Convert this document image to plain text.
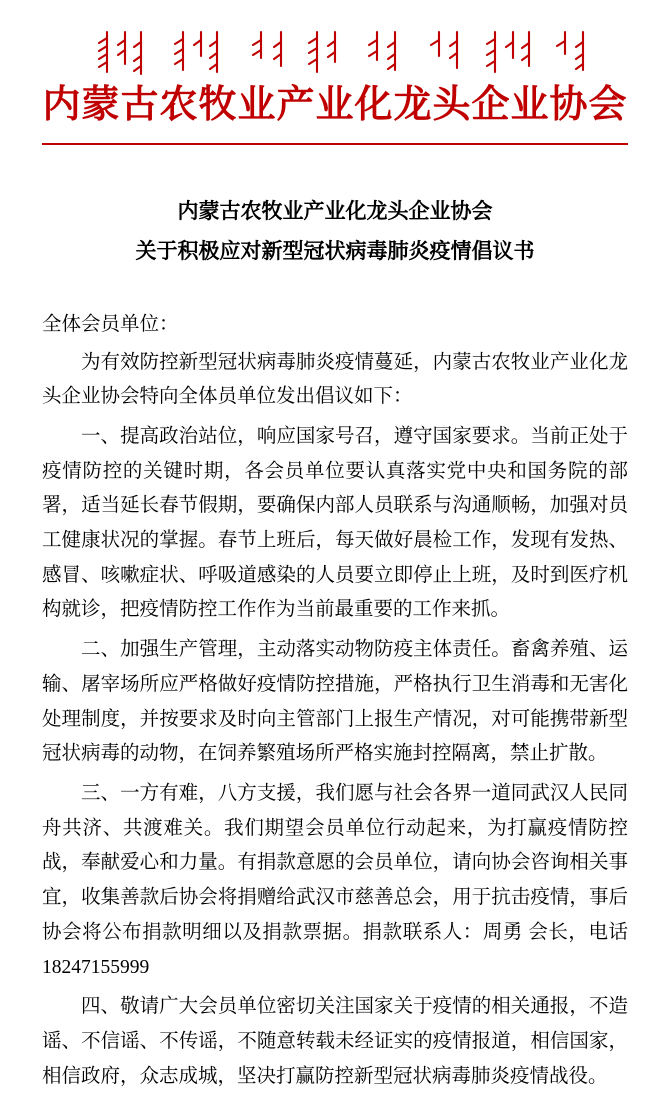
内蒙古农牧业产业化龙头企业协会
内蒙古农牧业产业化龙头企业协会
关于积极应对新型冠状病毒肺炎疫情倡议书
全体会员单位：

为有效防控新型冠状病毒肺炎疫情蔓延，内蒙古农牧业产业化龙头企业协会特向全体员单位发出倡议如下：

一、提高政治站位，响应国家号召，遵守国家要求。当前正处于疫情防控的关键时期，各会员单位要认真落实党中央和国务院的部署，适当延长春节假期，要确保内部人员联系与沟通顺畅，加强对员工健康状况的掌握。春节上班后，每天做好晨检工作，发现有发热、感冒、咳嗽症状、呼吸道感染的人员要立即停止上班，及时到医疗机构就诊，把疫情防控工作作为当前最重要的工作来抓。

二、加强生产管理，主动落实动物防疫主体责任。畜禽养殖、运输、屠宰场所应严格做好疫情防控措施，严格执行卫生消毒和无害化处理制度，并按要求及时向主管部门上报生产情况，对可能携带新型冠状病毒的动物，在饲养繁殖场所严格实施封控隔离，禁止扩散。

三、一方有难，八方支援，我们愿与社会各界一道同武汉人民同舟共济、共渡难关。我们期望会员单位行动起来，为打赢疫情防控战，奉献爱心和力量。有捐款意愿的会员单位，请向协会咨询相关事宜，收集善款后协会将捐赠给武汉市慈善总会，用于抗击疫情，事后协会将公布捐款明细以及捐款票据。捐款联系人：周勇 会长，电话18247155999

四、敬请广大会员单位密切关注国家关于疫情的相关通报，不造谣、不信谣、不传谣，不随意转载未经证实的疫情报道，相信国家，相信政府，众志成城，坚决打赢防控新型冠状病毒肺炎疫情战役。
